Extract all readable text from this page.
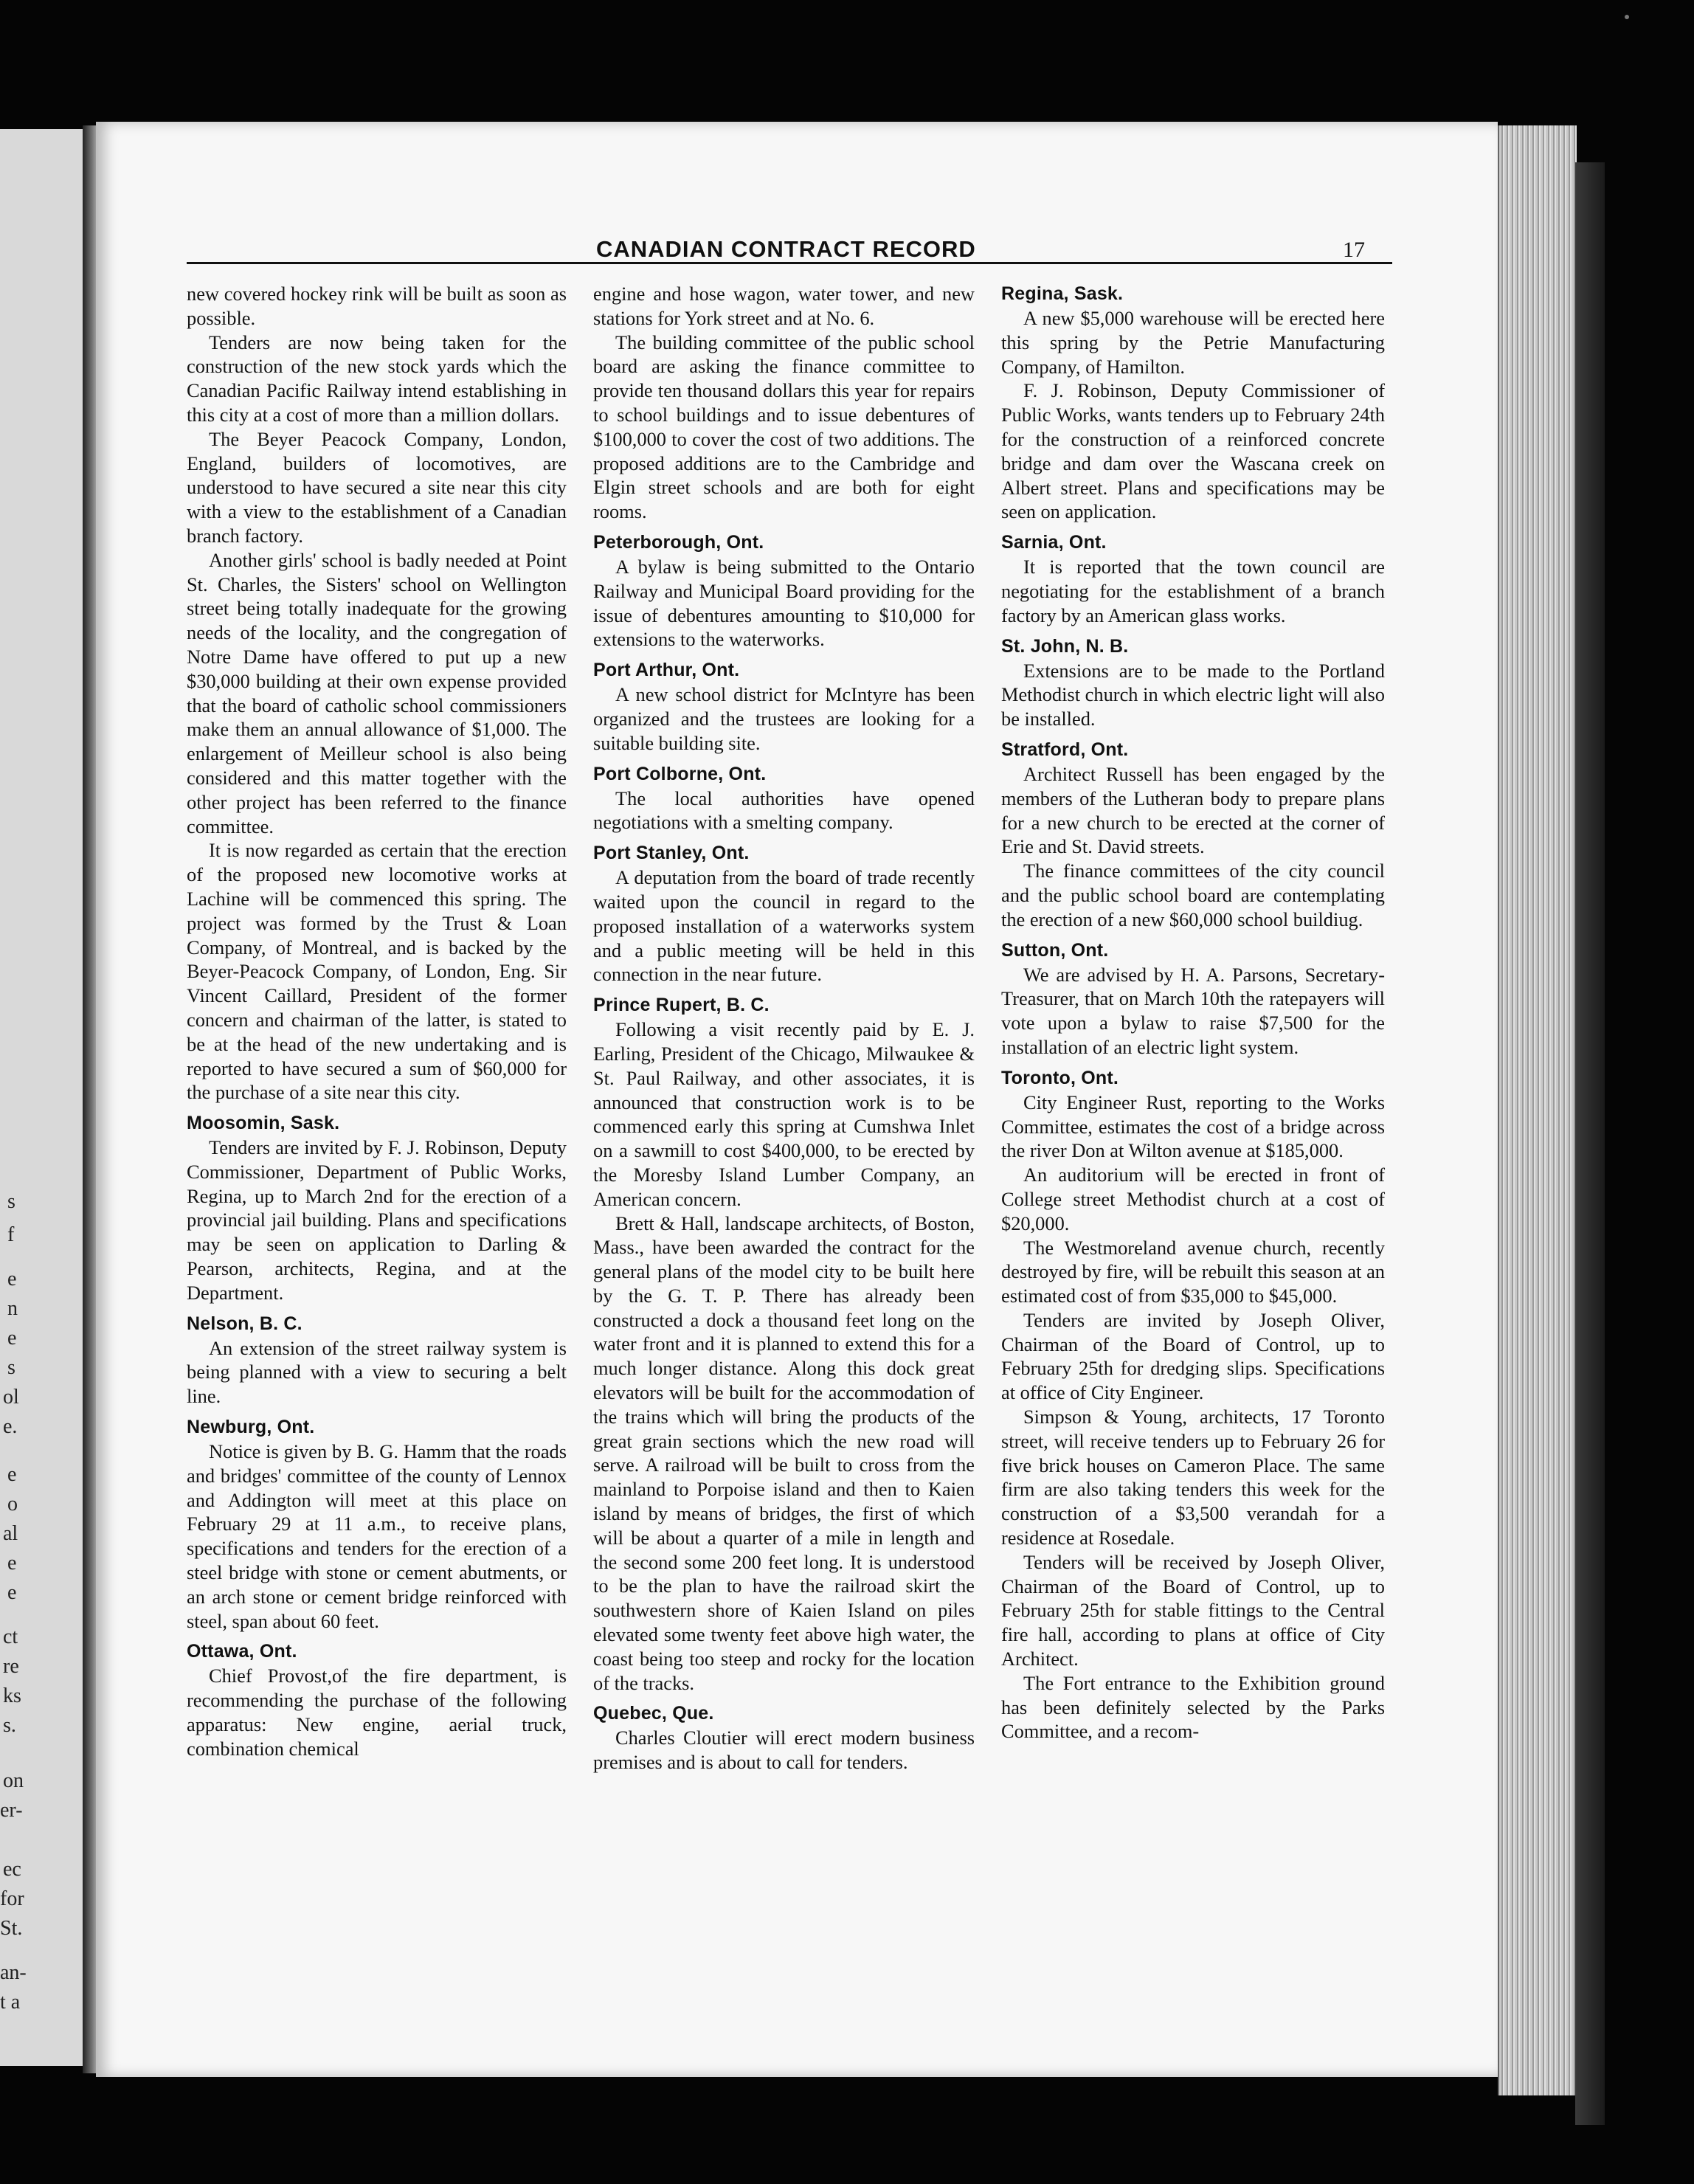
s
f
e
n
e
s
ol
e.
e
o
al
e
e
ct
re
ks
s.
on
er-
ec
for
St.
an-
t a
CANADIAN CONTRACT RECORD	17

new covered hockey rink will be built as soon as possible.

Tenders are now being taken for the construction of the new stock yards which the Canadian Pacific Railway intend establishing in this city at a cost of more than a million dollars.

The Beyer Peacock Company, London, England, builders of locomotives, are understood to have secured a site near this city with a view to the establishment of a Canadian branch factory.

Another girls' school is badly needed at Point St. Charles, the Sisters' school on Wellington street being totally inadequate for the growing needs of the locality, and the congregation of Notre Dame have offered to put up a new $30,000 building at their own expense provided that the board of catholic school commissioners make them an annual allowance of $1,000. The enlargement of Meilleur school is also being considered and this matter together with the other project has been referred to the finance committee.

It is now regarded as certain that the erection of the proposed new locomotive works at Lachine will be commenced this spring. The project was formed by the Trust & Loan Company, of Montreal, and is backed by the Beyer-Peacock Company, of London, Eng. Sir Vincent Caillard, President of the former concern and chairman of the latter, is stated to be at the head of the new undertaking and is reported to have secured a sum of $60,000 for the purchase of a site near this city.

Moosomin, Sask.

Tenders are invited by F. J. Robinson, Deputy Commissioner, Department of Public Works, Regina, up to March 2nd for the erection of a provincial jail building. Plans and specifications may be seen on application to Darling & Pearson, architects, Regina, and at the Department.

Nelson, B. C.

An extension of the street railway system is being planned with a view to securing a belt line.

Newburg, Ont.

Notice is given by B. G. Hamm that the roads and bridges' committee of the county of Lennox and Addington will meet at this place on February 29 at 11 a.m., to receive plans, specifications and tenders for the erection of a steel bridge with stone or cement abutments, or an arch stone or cement bridge reinforced with steel, span about 60 feet.

Ottawa, Ont.

Chief Provost,of the fire department, is recommending the purchase of the following apparatus: New engine, aerial truck, combination chemical

engine and hose wagon, water tower, and new stations for York street and at No. 6.

The building committee of the public school board are asking the finance committee to provide ten thousand dollars this year for repairs to school buildings and to issue debentures of $100,000 to cover the cost of two additions. The proposed additions are to the Cambridge and Elgin street schools and are both for eight rooms.

Peterborough, Ont.

A bylaw is being submitted to the Ontario Railway and Municipal Board providing for the issue of debentures amounting to $10,000 for extensions to the waterworks.

Port Arthur, Ont.

A new school district for McIntyre has been organized and the trustees are looking for a suitable building site.

Port Colborne, Ont.

The local authorities have opened negotiations with a smelting company.

Port Stanley, Ont.

A deputation from the board of trade recently waited upon the council in regard to the proposed installation of a waterworks system and a public meeting will be held in this connection in the near future.

Prince Rupert, B. C.

Following a visit recently paid by E. J. Earling, President of the Chicago, Milwaukee & St. Paul Railway, and other associates, it is announced that construction work is to be commenced early this spring at Cumshwa Inlet on a sawmill to cost $400,000, to be erected by the Moresby Island Lumber Company, an American concern.

Brett & Hall, landscape architects, of Boston, Mass., have been awarded the contract for the general plans of the model city to be built here by the G. T. P. There has already been constructed a dock a thousand feet long on the water front and it is planned to extend this for a much longer distance. Along this dock great elevators will be built for the accommodation of the trains which will bring the products of the great grain sections which the new road will serve. A railroad will be built to cross from the mainland to Porpoise island and then to Kaien island by means of bridges, the first of which will be about a quarter of a mile in length and the second some 200 feet long. It is understood to be the plan to have the railroad skirt the southwestern shore of Kaien Island on piles elevated some twenty feet above high water, the coast being too steep and rocky for the location of the tracks.

Quebec, Que.

Charles Cloutier will erect modern business premises and is about to call for tenders.

Regina, Sask.

A new $5,000 warehouse will be erected here this spring by the Petrie Manufacturing Company, of Hamilton.

F. J. Robinson, Deputy Commissioner of Public Works, wants tenders up to February 24th for the construction of a reinforced concrete bridge and dam over the Wascana creek on Albert street. Plans and specifications may be seen on application.

Sarnia, Ont.

It is reported that the town council are negotiating for the establishment of a branch factory by an American glass works.

St. John, N. B.

Extensions are to be made to the Portland Methodist church in which electric light will also be installed.

Stratford, Ont.

Architect Russell has been engaged by the members of the Lutheran body to prepare plans for a new church to be erected at the corner of Erie and St. David streets.

The finance committees of the city council and the public school board are contemplating the erection of a new $60,000 school buildiug.

Sutton, Ont.

We are advised by H. A. Parsons, Secretary-Treasurer, that on March 10th the ratepayers will vote upon a bylaw to raise $7,500 for the installation of an electric light system.

Toronto, Ont.

City Engineer Rust, reporting to the Works Committee, estimates the cost of a bridge across the river Don at Wilton avenue at $185,000.

An auditorium will be erected in front of College street Methodist church at a cost of $20,000.

The Westmoreland avenue church, recently destroyed by fire, will be rebuilt this season at an estimated cost of from $35,000 to $45,000.

Tenders are invited by Joseph Oliver, Chairman of the Board of Control, up to February 25th for dredging slips. Specifications at office of City Engineer.

Simpson & Young, architects, 17 Toronto street, will receive tenders up to February 26 for five brick houses on Cameron Place. The same firm are also taking tenders this week for the construction of a $3,500 verandah for a residence at Rosedale.

Tenders will be received by Joseph Oliver, Chairman of the Board of Control, up to February 25th for stable fittings to the Central fire hall, according to plans at office of City Architect.

The Fort entrance to the Exhibition ground has been definitely selected by the Parks Committee, and a recom-
